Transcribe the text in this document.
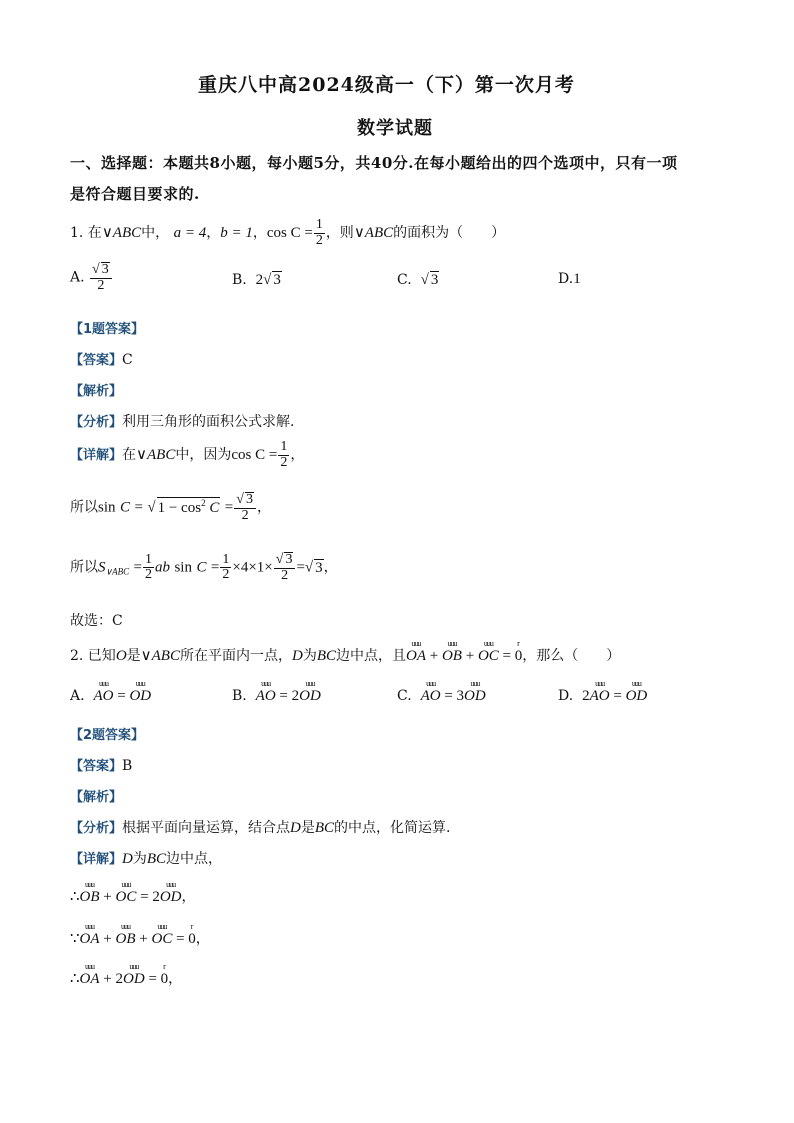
重庆八中高2024级高一（下）第一次月考
数学试题
一、选择题：本题共8小题，每小题5分，共40分.在每小题给出的四个选项中，只有一项
是符合题目要求的.
1. 在∨ABC中， a = 4，b = 1，$\cos C = \frac{1}{2}$ ，则∨ABC的面积为（　　）
A. $\frac{√ 3}{2}$	B. 2√ 3	C. √ 3	D.1
【1题答案】
【答案】C
【解析】
【分析】利用三角形的面积公式求解.
【详解】在∨ABC中，因为$\cos C = \frac{1}{2}$ ，
所以sin C = √ $1 - \cos^2 C = \frac{√ 3}{2}$ ，
所以$S_{\vee ABC} = \frac{1}{2}$ ab $\sin C = \frac{1}{2} \times 4\times 1\times \frac{√ 3}{2}$ =√ 3，
故选：C
2. 已知O是∨ABC所在平面内一点，D为BC边中点，且uuu OA + uuu OB + uuu OC = r 0，那么（　　）
A. uuu AO = uuu OD	B. uuu AO = 2uuu OD	C. uuu AO = 3uuu OD	D. 2uuu AO = uuu OD
【2题答案】
【答案】B
【解析】
【分析】根据平面向量运算，结合点D是BC的中点，化简运算.
【详解】D为BC边中点，
∴uuu OB + uuu OC = 2uuu OD，
∵uuu OA + uuu OB + uuu OC = r 0，
∴uuu OA + 2uuu OD = r 0，
